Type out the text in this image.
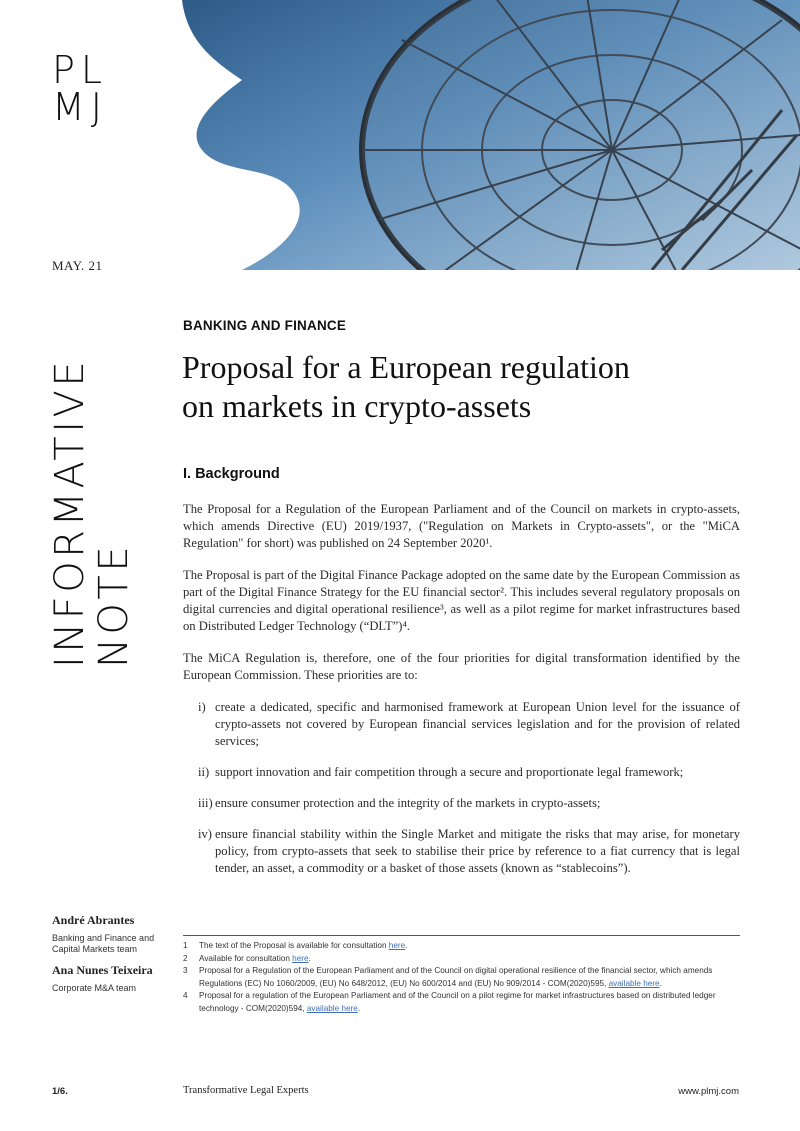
PL
MJ
MAY. 21
INFORMATIVE
NOTE
BANKING AND FINANCE
Proposal for a European regulation
on markets in crypto-assets
I. Background

The Proposal for a Regulation of the European Parliament and of the Council on markets in crypto-assets, which amends Directive (EU) 2019/1937, ("Regulation on Markets in Crypto-assets", or the "MiCA Regulation" for short) was published on 24 September 2020¹.

The Proposal is part of the Digital Finance Package adopted on the same date by the European Commission as part of the Digital Finance Strategy for the EU financial sector². This includes several regulatory proposals on digital currencies and digital operational resilience³, as well as a pilot regime for market infrastructures based on Distributed Ledger Technology (“DLT”)⁴.

The MiCA Regulation is, therefore, one of the four priorities for digital transformation identified by the European Commission. These priorities are to:

i) create a dedicated, specific and harmonised framework at European Union level for the issuance of crypto-assets not covered by European financial services legislation and for the provision of related services;
ii) support innovation and fair competition through a secure and proportionate legal framework;
iii) ensure consumer protection and the integrity of the markets in crypto-assets;
iv) ensure financial stability within the Single Market and mitigate the risks that may arise, for monetary policy, from crypto-assets that seek to stabilise their price by reference to a fiat currency that is legal tender, an asset, a commodity or a basket of those assets (known as “stablecoins”).
André Abrantes
Banking and Finance and Capital Markets team
Ana Nunes Teixeira
Corporate M&A team
1	The text of the Proposal is available for consultation here.
2	Available for consultation here.
3	Proposal for a Regulation of the European Parliament and of the Council on digital operational resilience of the financial sector, which amends Regulations (EC) No 1060/2009, (EU) No 648/2012, (EU) No 600/2014 and (EU) No 909/2014 - COM(2020)595, available here.
4	Proposal for a regulation of the European Parliament and of the Council on a pilot regime for market infrastructures based on distributed ledger technology - COM(2020)594, available here.
1/6.	Transformative Legal Experts	www.plmj.com
